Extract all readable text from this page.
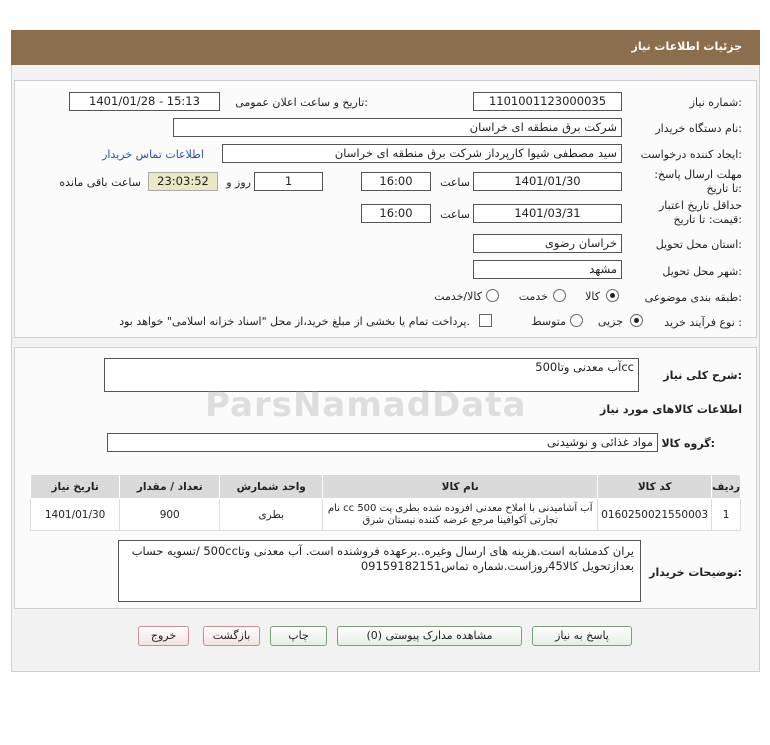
جزئیات اطلاعات نیاز
شماره نیاز:
1101001123000035
تاریخ و ساعت اعلان عمومی:
1401/01/28 - 15:13
نام دستگاه خریدار:
شرکت برق منطقه ای خراسان
ایجاد کننده درخواست:
سید مصطفی شیوا کارپرداز شرکت برق منطقه ای خراسان
اطلاعات تماس خریدار
مهلت ارسال پاسخ: تا تاریخ:
1401/01/30
ساعت
16:00
1
روز و
23:03:52
ساعت باقی مانده
حداقل تاریخ اعتبار قیمت: تا تاریخ:
1401/03/31
ساعت
16:00
استان محل تحویل:
خراسان رضوی
شهر محل تحویل:
مشهد
طبقه بندی موضوعی:
کالا
خدمت
کالا/خدمت
نوع فرآیند خرید :
جزیی
متوسط
پرداخت تمام یا بخشی از مبلغ خرید،از محل "اسناد خزانه اسلامی" خواهد بود.
شرح کلی نیاز:
آب معدنی وتا500cc
ParsNamadData	اطلاعات کالاهای مورد نیاز
گروه کالا:
مواد غذائی و نوشیدنی
ردیف	کد کالا	نام کالا	واحد شمارش	تعداد / مقدار	تاریخ نیاز
1	0160250021550003	آب آشامیدنی با املاح معدنی افزوده شده بطری پت 500 cc نام تجارتی آکوافینا مرجع عرضه کننده نیستان شرق	بطری	900	1401/01/30
توضیحات خریدار:
یران کدمشابه است.هزینه های ارسال وغیره..برعهده فروشنده است. آب معدنی وتا500cc /تسویه حساب بعدازتحویل کالا45روزاست.شماره تماس09159182151
پاسخ به نیاز
مشاهده مدارک پیوستی (0)
چاپ
بازگشت
خروج
